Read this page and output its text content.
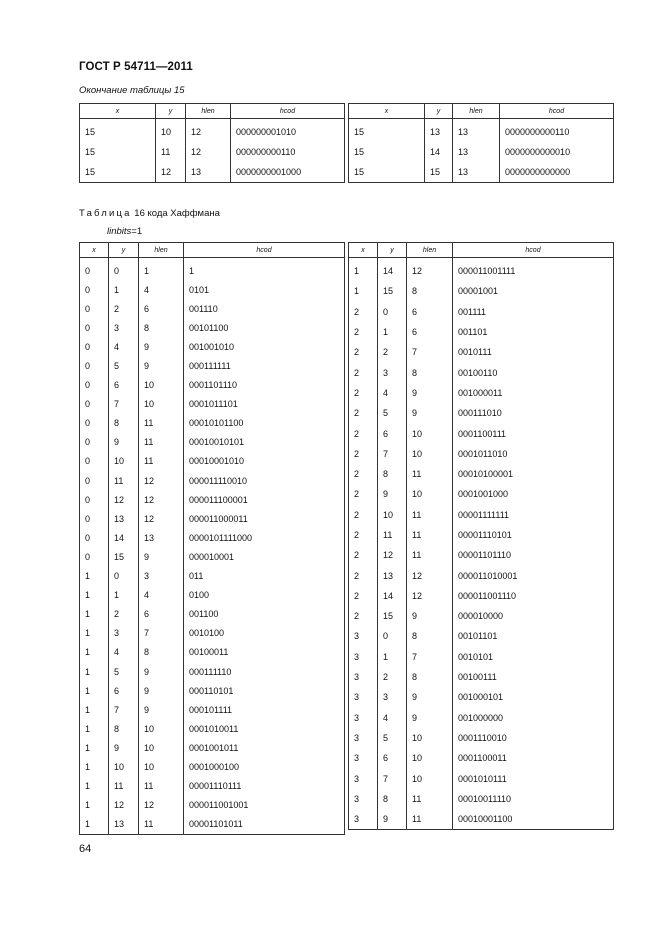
ГОСТ Р 54711—2011
Окончание таблицы 15
x	y	hlen	hcod
15	10	12	000000001010
15	11	12	000000000110
15	12	13	0000000001000
x	y	hlen	hcod
15	13	13	0000000000110
15	14	13	0000000000010
15	15	13	0000000000000
Таблица 16 кода Хаффмана
linbits=1
x	y	hlen	hcod
0	0	1	1
0	1	4	0101
0	2	6	001110
0	3	8	00101100
0	4	9	001001010
0	5	9	000111111
0	6	10	0001101110
0	7	10	0001011101
0	8	11	00010101100
0	9	11	00010010101
0	10	11	00010001010
0	11	12	000011110010
0	12	12	000011100001
0	13	12	000011000011
0	14	13	0000101111000
0	15	9	000010001
1	0	3	011
1	1	4	0100
1	2	6	001100
1	3	7	0010100
1	4	8	00100011
1	5	9	000111110
1	6	9	000110101
1	7	9	000101111
1	8	10	0001010011
1	9	10	0001001011
1	10	10	0001000100
1	11	11	00001110111
1	12	12	000011001001
1	13	11	00001101011
x	y	hlen	hcod
1	14	12	000011001111
1	15	8	00001001
2	0	6	001111
2	1	6	001101
2	2	7	0010111
2	3	8	00100110
2	4	9	001000011
2	5	9	000111010
2	6	10	0001100111
2	7	10	0001011010
2	8	11	00010100001
2	9	10	0001001000
2	10	11	00001111111
2	11	11	00001110101
2	12	11	00001101110
2	13	12	000011010001
2	14	12	000011001110
2	15	9	000010000
3	0	8	00101101
3	1	7	0010101
3	2	8	00100111
3	3	9	001000101
3	4	9	001000000
3	5	10	0001110010
3	6	10	0001100011
3	7	10	0001010111
3	8	11	00010011110
3	9	11	00010001100
64
